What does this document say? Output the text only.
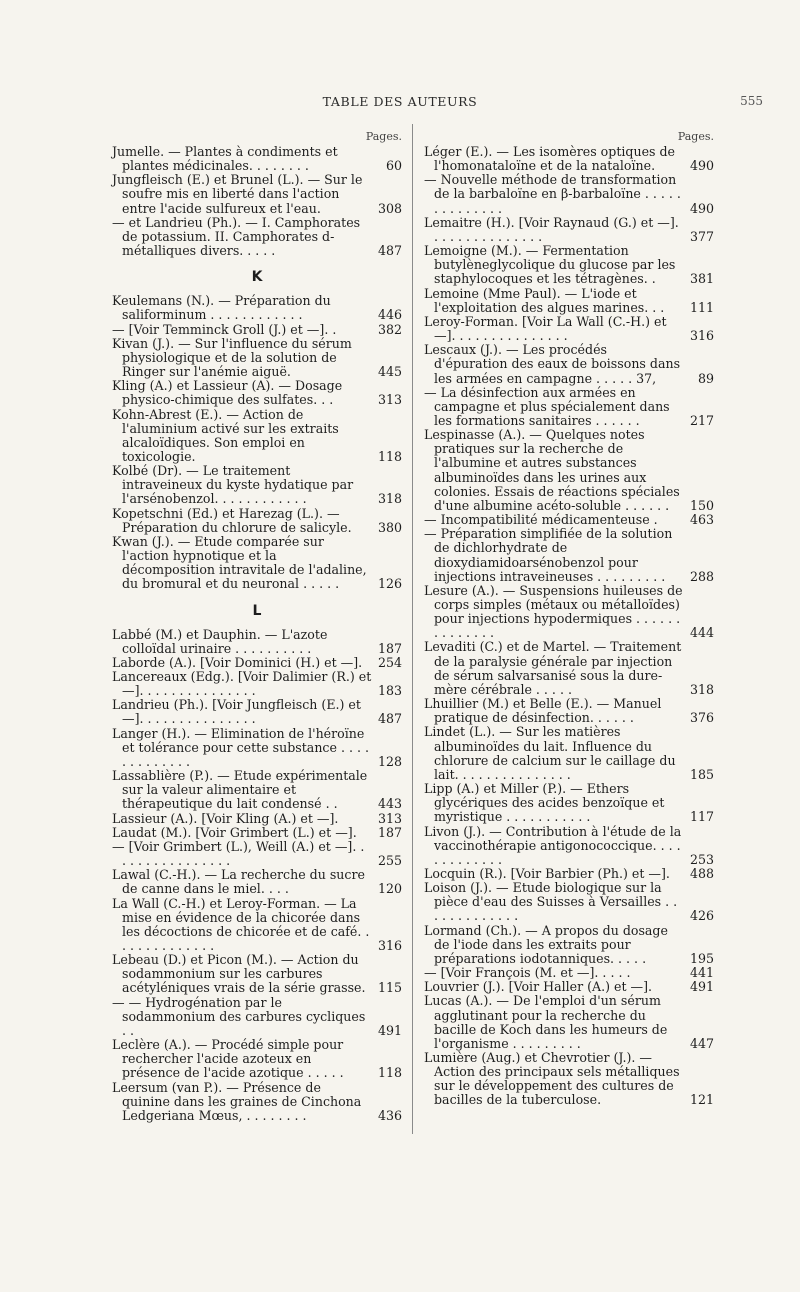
TABLE DES AUTEURS	555
Pages.

Jumelle. — Plantes à condiments et plantes médicinales. . . . . . . .	60

Jungfleisch (E.) et Brunel (L.). — Sur le soufre mis en liberté dans l'action entre l'acide sulfureux et l'eau.	308

— et Landrieu (Ph.). — I. Camphorates de potassium. II. Camphorates d-métalliques divers. . . . .	487

K

Keulemans (N.). — Préparation du saliforminum . . . . . . . . . . . .	446

— [Voir Temminck Groll (J.) et —]. .	382

Kivan (J.). — Sur l'influence du sérum physiologique et de la solution de Ringer sur l'anémie aiguë.	445

Kling (A.) et Lassieur (A). — Dosage physico-chimique des sulfates. . .	313

Kohn-Abrest (E.). — Action de l'aluminium activé sur les extraits alcaloïdiques. Son emploi en toxicologie.	118

Kolbé (Dr). — Le traitement intraveineux du kyste hydatique par l'arsénobenzol. . . . . . . . . . . .	318

Kopetschni (Ed.) et Harezag (L.). — Préparation du chlorure de salicyle.	380

Kwan (J.). — Etude comparée sur l'action hypnotique et la décomposition intravitale de l'adaline, du bromural et du neuronal . . . . .	126

L

Labbé (M.) et Dauphin. — L'azote colloïdal urinaire . . . . . . . . . .	187

Laborde (A.). [Voir Dominici (H.) et —].	254

Lancereaux (Edg.). [Voir Dalimier (R.) et —]. . . . . . . . . . . . . . .	183

Landrieu (Ph.). [Voir Jungfleisch (E.) et —]. . . . . . . . . . . . . . .	487

Langer (H.). — Elimination de l'héroïne et tolérance pour cette substance . . . . . . . . . . . . .	128

Lassablière (P.). — Etude expérimentale sur la valeur alimentaire et thérapeutique du lait condensé . .	443

Lassieur (A.). [Voir Kling (A.) et —].	313

Laudat (M.). [Voir Grimbert (L.) et —].	187

— [Voir Grimbert (L.), Weill (A.) et —]. . . . . . . . . . . . . . . .	255

Lawal (C.-H.). — La recherche du sucre de canne dans le miel. . . .	120

La Wall (C.-H.) et Leroy-Forman. — La mise en évidence de la chicorée dans les décoctions de chicorée et de café. . . . . . . . . . . . . .	316

Lebeau (D.) et Picon (M.). — Action du sodammonium sur les carbures acétyléniques vrais de la série grasse. 115

— — Hydrogénation par le sodammonium des carbures cycliques . .	491

Leclère (A.). — Procédé simple pour rechercher l'acide azoteux en présence de l'acide azotique . . . . .	118

Leersum (van P.). — Présence de quinine dans les graines de Cinchona Ledgeriana Mœus, . . . . . . . .	436

Pages.

Léger (E.). — Les isomères optiques de l'homonataloïne et de la nataloïne.	490

— Nouvelle méthode de transformation de la barbaloïne en β-barbaloïne . . . . . . . . . . . . . .	490

Lemaitre (H.). [Voir Raynaud (G.) et —]. . . . . . . . . . . . . . .	377

Lemoigne (M.). — Fermentation butylèneglycolique du glucose par les staphylocoques et les tétragènes. .	381

Lemoine (Mme Paul). — L'iode et l'exploitation des algues marines. . .	111

Leroy-Forman. [Voir La Wall (C.-H.) et —]. . . . . . . . . . . . . . .	316

Lescaux (J.). — Les procédés d'épuration des eaux de boissons dans les armées en campagne . . . . . 37,	89

— La désinfection aux armées en campagne et plus spécialement dans les formations sanitaires . . . . . .	217

Lespinasse (A.). — Quelques notes pratiques sur la recherche de l'albumine et autres substances albuminoïdes dans les urines aux colonies. Essais de réactions spéciales d'une albumine acéto-soluble . . . . . .	150

— Incompatibilité médicamenteuse .	463

— Préparation simplifiée de la solution de dichlorhydrate de dioxydiamidoarsénobenzol pour injections intraveineuses . . . . . . . . .	288

Lesure (A.). — Suspensions huileuses de corps simples (métaux ou métalloïdes) pour injections hypodermiques . . . . . . . . . . . . . .	444

Levaditi (C.) et de Martel. — Traitement de la paralysie générale par injection de sérum salvarsanisé sous la dure-mère cérébrale . . . . .	318

Lhuillier (M.) et Belle (E.). — Manuel pratique de désinfection. . . . . .	376

Lindet (L.). — Sur les matières albuminoïdes du lait. Influence du chlorure de calcium sur le caillage du lait. . . . . . . . . . . . . . .	185

Lipp (A.) et Miller (P.). — Ethers glycériques des acides benzoïque et myristique . . . . . . . . . . .	117

Livon (J.). — Contribution à l'étude de la vaccinothérapie antigonococcique. . . . . . . . . . . . .	253

Locquin (R.). [Voir Barbier (Ph.) et —].	488

Loison (J.). — Etude biologique sur la pièce d'eau des Suisses à Versailles . . . . . . . . . . . . .	426

Lormand (Ch.). — A propos du dosage de l'iode dans les extraits pour préparations iodotanniques. . . . .	195

— [Voir François (M. et —]. . . . .	441

Louvrier (J.). [Voir Haller (A.) et —].	491

Lucas (A.). — De l'emploi d'un sérum agglutinant pour la recherche du bacille de Koch dans les humeurs de l'organisme . . . . . . . . .	447

Lumière (Aug.) et Chevrotier (J.). — Action des principaux sels métalliques sur le développement des cultures de bacilles de la tuberculose.	121
